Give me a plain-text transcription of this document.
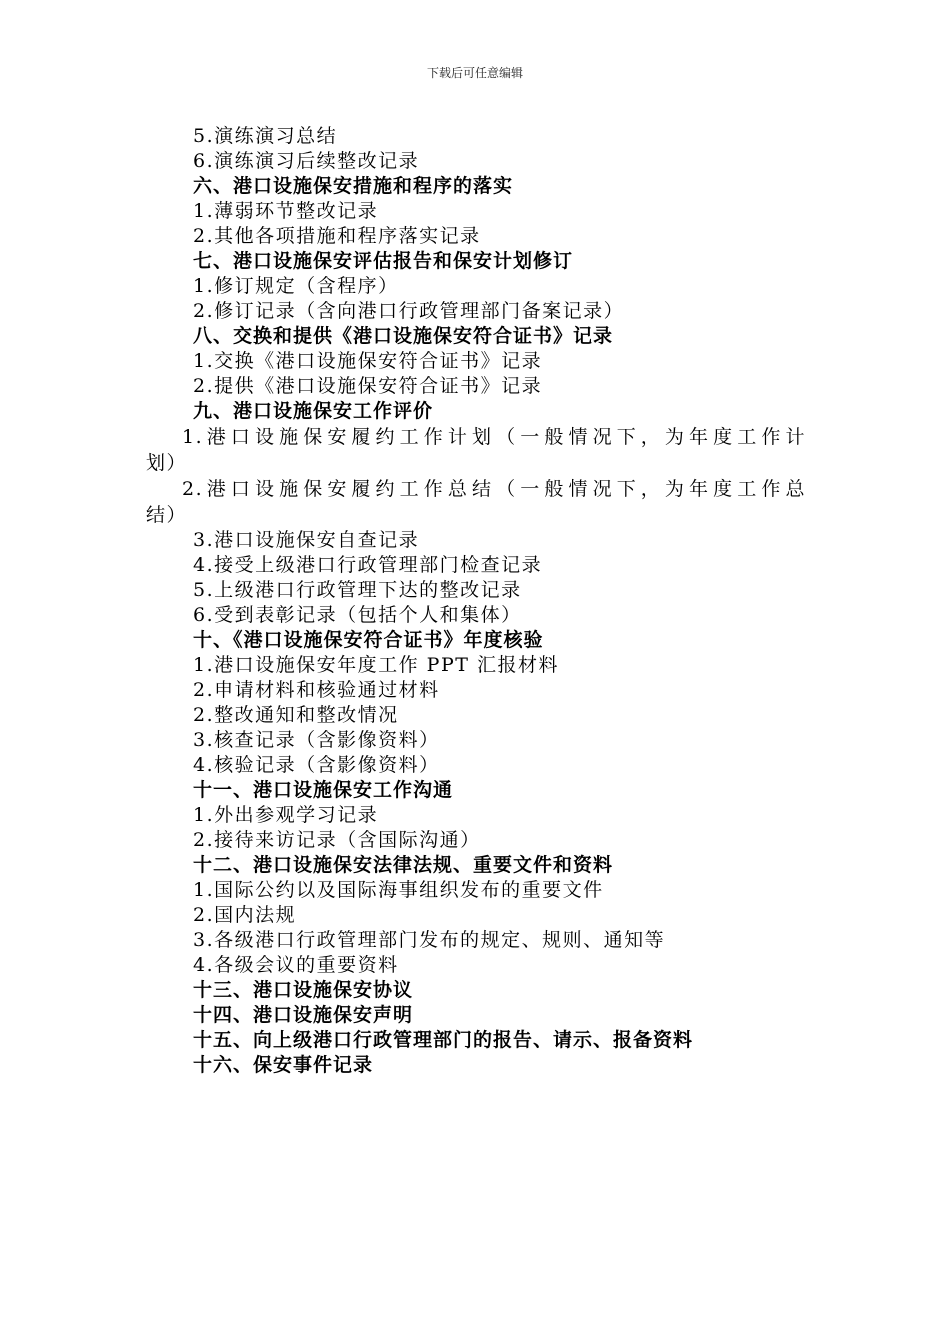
下载后可任意编辑
5.演练演习总结
6.演练演习后续整改记录
六、港口设施保安措施和程序的落实
1.薄弱环节整改记录
2.其他各项措施和程序落实记录
七、港口设施保安评估报告和保安计划修订
1.修订规定（含程序）
2.修订记录（含向港口行政管理部门备案记录）
八、交换和提供《港口设施保安符合证书》记录
1.交换《港口设施保安符合证书》记录
2.提供《港口设施保安符合证书》记录
九、港口设施保安工作评价
1.港口设施保安履约工作计划（一般情况下，为年度工作计
划）
2.港口设施保安履约工作总结（一般情况下，为年度工作总
结）
3.港口设施保安自查记录
4.接受上级港口行政管理部门检查记录
5.上级港口行政管理下达的整改记录
6.受到表彰记录（包括个人和集体）
十、《港口设施保安符合证书》年度核验
1.港口设施保安年度工作 PPT 汇报材料
2.申请材料和核验通过材料
2.整改通知和整改情况
3.核查记录（含影像资料）
4.核验记录（含影像资料）
十一、港口设施保安工作沟通
1.外出参观学习记录
2.接待来访记录（含国际沟通）
十二、港口设施保安法律法规、重要文件和资料
1.国际公约以及国际海事组织发布的重要文件
2.国内法规
3.各级港口行政管理部门发布的规定、规则、通知等
4.各级会议的重要资料
十三、港口设施保安协议
十四、港口设施保安声明
十五、向上级港口行政管理部门的报告、请示、报备资料
十六、保安事件记录
